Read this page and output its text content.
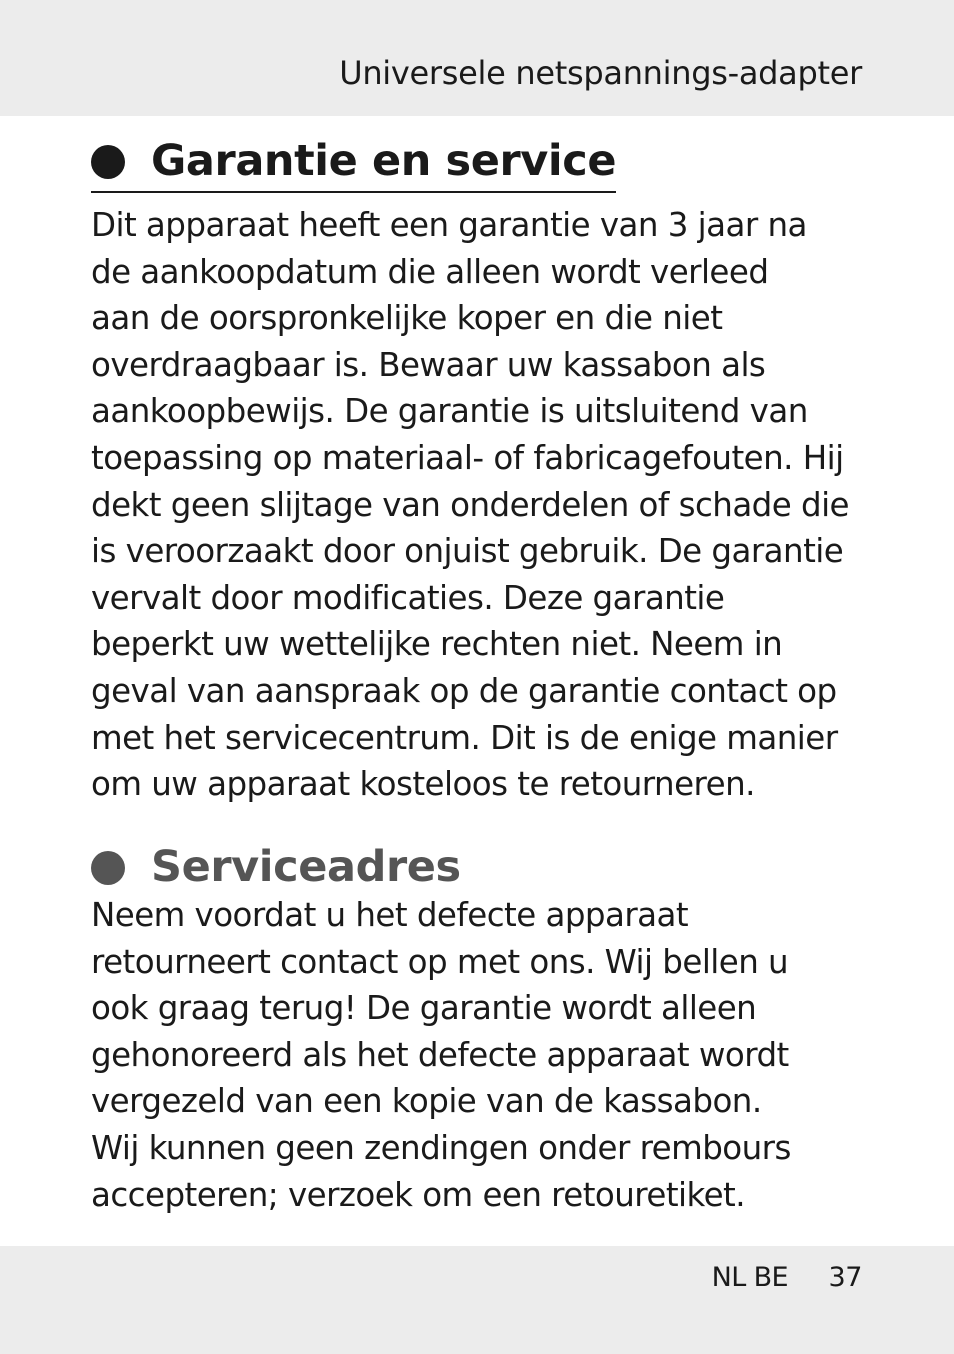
Universele netspannings-adapter
Garantie en service
Dit apparaat heeft een garantie van 3 jaar na
de aankoopdatum die alleen wordt verleed
aan de oorspronkelijke koper en die niet
overdraagbaar is. Bewaar uw kassabon als
aankoopbewijs. De garantie is uitsluitend van
toepassing op materiaal- of fabricagefouten. Hij
dekt geen slijtage van onderdelen of schade die
is veroorzaakt door onjuist gebruik. De garantie
vervalt door modificaties. Deze garantie
beperkt uw wettelijke rechten niet. Neem in
geval van aanspraak op de garantie contact op
met het servicecentrum. Dit is de enige manier
om uw apparaat kosteloos te retourneren.
Serviceadres
Neem voordat u het defecte apparaat
retourneert contact op met ons. Wij bellen u
ook graag terug! De garantie wordt alleen
gehonoreerd als het defecte apparaat wordt
vergezeld van een kopie van de kassabon.
Wij kunnen geen zendingen onder rembours
accepteren; verzoek om een retouretiket.
NL BE 37
